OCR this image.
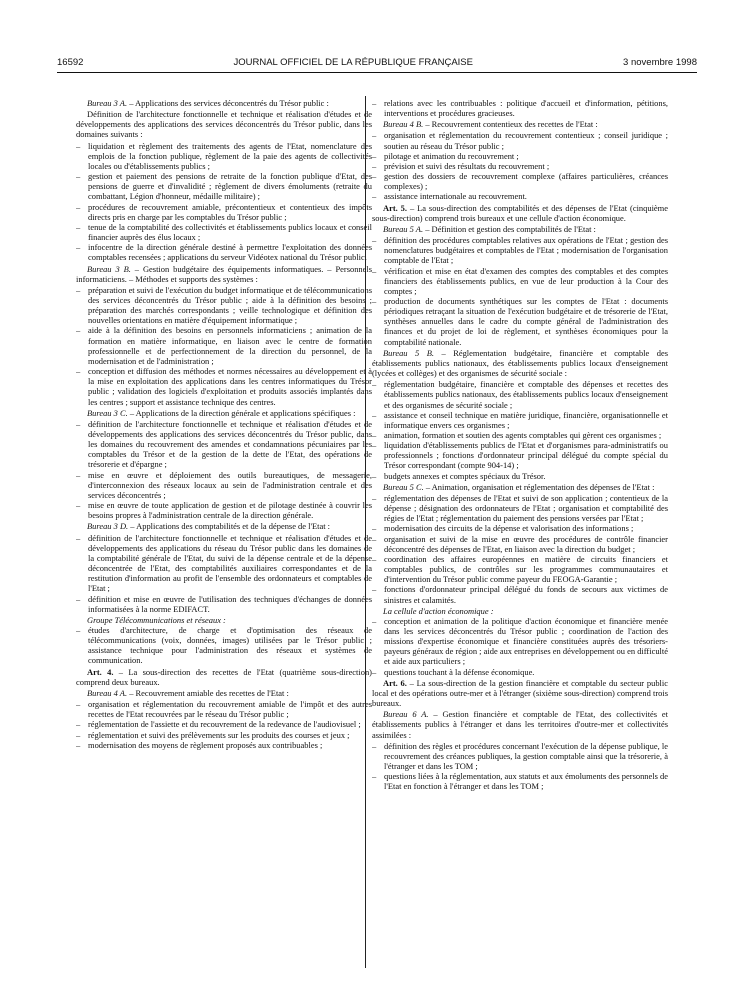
16592	JOURNAL OFFICIEL DE LA RÉPUBLIQUE FRANÇAISE	3 novembre 1998

Bureau 3 A. – Applications des services déconcentrés du Trésor public :

Définition de l'architecture fonctionnelle et technique et réalisation d'études et de développements des applications des services déconcentrés du Trésor public, dans les domaines suivants :

– liquidation et règlement des traitements des agents de l'Etat, nomenclature des emplois de la fonction publique, règlement de la paie des agents de collectivités locales ou d'établissements publics ;
– gestion et paiement des pensions de retraite de la fonction publique d'Etat, des pensions de guerre et d'invalidité ; règlement de divers émoluments (retraite du combattant, Légion d'honneur, médaille militaire) ;
– procédures de recouvrement amiable, précontentieux et contentieux des impôts directs pris en charge par les comptables du Trésor public ;
– tenue de la comptabilité des collectivités et établissements publics locaux et conseil financier auprès des élus locaux ;
– infocentre de la direction générale destiné à permettre l'exploitation des données comptables recensées ; applications du serveur Vidéotex national du Trésor public.

Bureau 3 B. – Gestion budgétaire des équipements informatiques. – Personnels informaticiens. – Méthodes et supports des systèmes :

– préparation et suivi de l'exécution du budget informatique et de télécommunications des services déconcentrés du Trésor public ; aide à la définition des besoins ; préparation des marchés correspondants ; veille technologique et définition des nouvelles orientations en matière d'équipement informatique ;
– aide à la définition des besoins en personnels informaticiens ; animation de la formation en matière informatique, en liaison avec le centre de formation professionnelle et de perfectionnement de la direction du personnel, de la modernisation et de l'administration ;
– conception et diffusion des méthodes et normes nécessaires au développement et à la mise en exploitation des applications dans les centres informatiques du Trésor public ; validation des logiciels d'exploitation et produits associés implantés dans les centres ; support et assistance technique des centres.

Bureau 3 C. – Applications de la direction générale et applications spécifiques :

– définition de l'architecture fonctionnelle et technique et réalisation d'études et de développements des applications des services déconcentrés du Trésor public, dans les domaines du recouvrement des amendes et condamnations pécuniaires par les comptables du Trésor et de la gestion de la dette de l'Etat, des opérations de trésorerie et d'épargne ;
– mise en œuvre et déploiement des outils bureautiques, de messagerie, d'interconnexion des réseaux locaux au sein de l'administration centrale et des services déconcentrés ;
– mise en œuvre de toute application de gestion et de pilotage destinée à couvrir les besoins propres à l'administration centrale de la direction générale.

Bureau 3 D. – Applications des comptabilités et de la dépense de l'Etat :

– définition de l'architecture fonctionnelle et technique et réalisation d'études et de développements des applications du réseau du Trésor public dans les domaines de la comptabilité générale de l'Etat, du suivi de la dépense centrale et de la dépense déconcentrée de l'Etat, des comptabilités auxiliaires correspondantes et de la restitution d'information au profit de l'ensemble des ordonnateurs et comptables de l'Etat ;
– définition et mise en œuvre de l'utilisation des techniques d'échanges de données informatisées à la norme EDIFACT.

Groupe Télécommunications et réseaux :

– études d'architecture, de charge et d'optimisation des réseaux de télécommunications (voix, données, images) utilisées par le Trésor public ; assistance technique pour l'administration des réseaux et systèmes de communication.

Art. 4. – La sous-direction des recettes de l'Etat (quatrième sous-direction) comprend deux bureaux.

Bureau 4 A. – Recouvrement amiable des recettes de l'Etat :

– organisation et réglementation du recouvrement amiable de l'impôt et des autres recettes de l'Etat recouvrées par le réseau du Trésor public ;
– réglementation de l'assiette et du recouvrement de la redevance de l'audiovisuel ;
– réglementation et suivi des prélèvements sur les produits des courses et jeux ;
– modernisation des moyens de règlement proposés aux contribuables ;
– relations avec les contribuables : politique d'accueil et d'information, pétitions, interventions et procédures gracieuses.

Bureau 4 B. – Recouvrement contentieux des recettes de l'Etat :

– organisation et réglementation du recouvrement contentieux ; conseil juridique ; soutien au réseau du Trésor public ;
– pilotage et animation du recouvrement ;
– prévision et suivi des résultats du recouvrement ;
– gestion des dossiers de recouvrement complexe (affaires particulières, créances complexes) ;
– assistance internationale au recouvrement.

Art. 5. – La sous-direction des comptabilités et des dépenses de l'Etat (cinquième sous-direction) comprend trois bureaux et une cellule d'action économique.

Bureau 5 A. – Définition et gestion des comptabilités de l'Etat :

– définition des procédures comptables relatives aux opérations de l'Etat ; gestion des nomenclatures budgétaires et comptables de l'Etat ; modernisation de l'organisation comptable de l'Etat ;
– vérification et mise en état d'examen des comptes des comptables et des comptes financiers des établissements publics, en vue de leur production à la Cour des comptes ;
– production de documents synthétiques sur les comptes de l'Etat : documents périodiques retraçant la situation de l'exécution budgétaire et de trésorerie de l'Etat, synthèses annuelles dans le cadre du compte général de l'administration des finances et du projet de loi de règlement, et synthèses économiques pour la comptabilité nationale.

Bureau 5 B. – Réglementation budgétaire, financière et comptable des établissements publics nationaux, des établissements publics locaux d'enseignement (lycées et collèges) et des organismes de sécurité sociale :

– réglementation budgétaire, financière et comptable des dépenses et recettes des établissements publics nationaux, des établissements publics locaux d'enseignement et des organismes de sécurité sociale ;
– assistance et conseil technique en matière juridique, financière, organisationnelle et informatique envers ces organismes ;
– animation, formation et soutien des agents comptables qui gèrent ces organismes ;
– liquidation d'établissements publics de l'Etat et d'organismes para-administratifs ou professionnels ; fonctions d'ordonnateur principal délégué du compte spécial du Trésor correspondant (compte 904-14) ;
– budgets annexes et comptes spéciaux du Trésor.

Bureau 5 C. – Animation, organisation et réglementation des dépenses de l'Etat :

– réglementation des dépenses de l'Etat et suivi de son application ; contentieux de la dépense ; désignation des ordonnateurs de l'Etat ; organisation et comptabilité des régies de l'Etat ; réglementation du paiement des pensions versées par l'Etat ;
– modernisation des circuits de la dépense et valorisation des informations ;
– organisation et suivi de la mise en œuvre des procédures de contrôle financier déconcentré des dépenses de l'Etat, en liaison avec la direction du budget ;
– coordination des affaires européennes en matière de circuits financiers et comptables publics, de contrôles sur les programmes communautaires et d'intervention du Trésor public comme payeur du FEOGA-Garantie ;
– fonctions d'ordonnateur principal délégué du fonds de secours aux victimes de sinistres et calamités.

La cellule d'action économique :

– conception et animation de la politique d'action économique et financière menée dans les services déconcentrés du Trésor public ; coordination de l'action des missions d'expertise économique et financière constituées auprès des trésoriers-payeurs généraux de région ; aide aux entreprises en développement ou en difficulté et aide aux particuliers ;
– questions touchant à la défense économique.

Art. 6. – La sous-direction de la gestion financière et comptable du secteur public local et des opérations outre-mer et à l'étranger (sixième sous-direction) comprend trois bureaux.

Bureau 6 A. – Gestion financière et comptable de l'Etat, des collectivités et établissements publics à l'étranger et dans les territoires d'outre-mer et collectivités assimilées :

– définition des règles et procédures concernant l'exécution de la dépense publique, le recouvrement des créances publiques, la gestion comptable ainsi que la trésorerie, à l'étranger et dans les TOM ;
– questions liées à la réglementation, aux statuts et aux émoluments des personnels de l'Etat en fonction à l'étranger et dans les TOM ;
